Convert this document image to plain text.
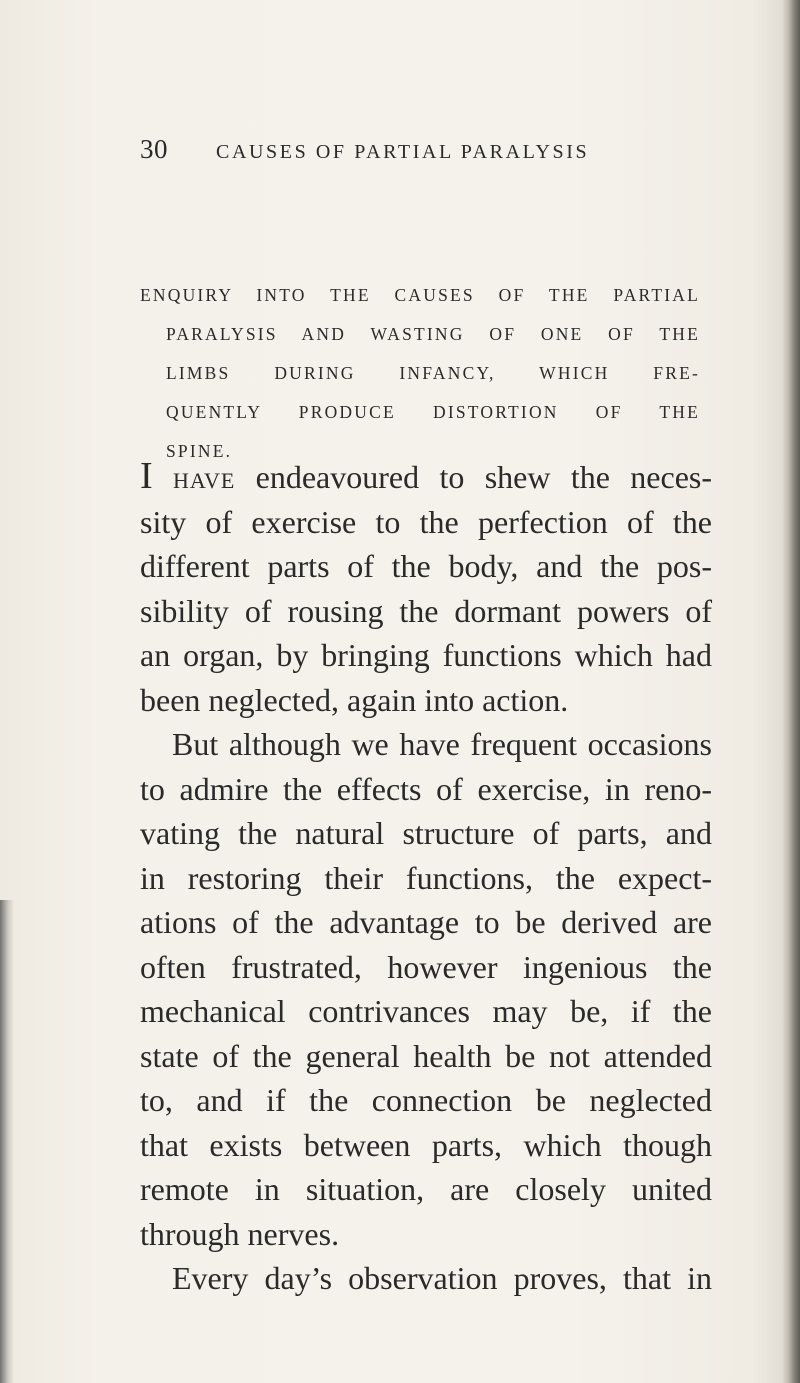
30 CAUSES OF PARTIAL PARALYSIS
ENQUIRY INTO THE CAUSES OF THE PARTIAL
PARALYSIS AND WASTING OF ONE OF THE
LIMBS DURING INFANCY, WHICH FRE-
QUENTLY PRODUCE DISTORTION OF THE
SPINE.
I have endeavoured to shew the neces-
sity of exercise to the perfection of the
different parts of the body, and the pos-
sibility of rousing the dormant powers of
an organ, by bringing functions which had
been neglected, again into action.
But although we have frequent occasions
to admire the effects of exercise, in reno-
vating the natural structure of parts, and
in restoring their functions, the expect-
ations of the advantage to be derived are
often frustrated, however ingenious the
mechanical contrivances may be, if the
state of the general health be not attended
to, and if the connection be neglected
that exists between parts, which though
remote in situation, are closely united
through nerves.
Every day’s observation proves, that in
